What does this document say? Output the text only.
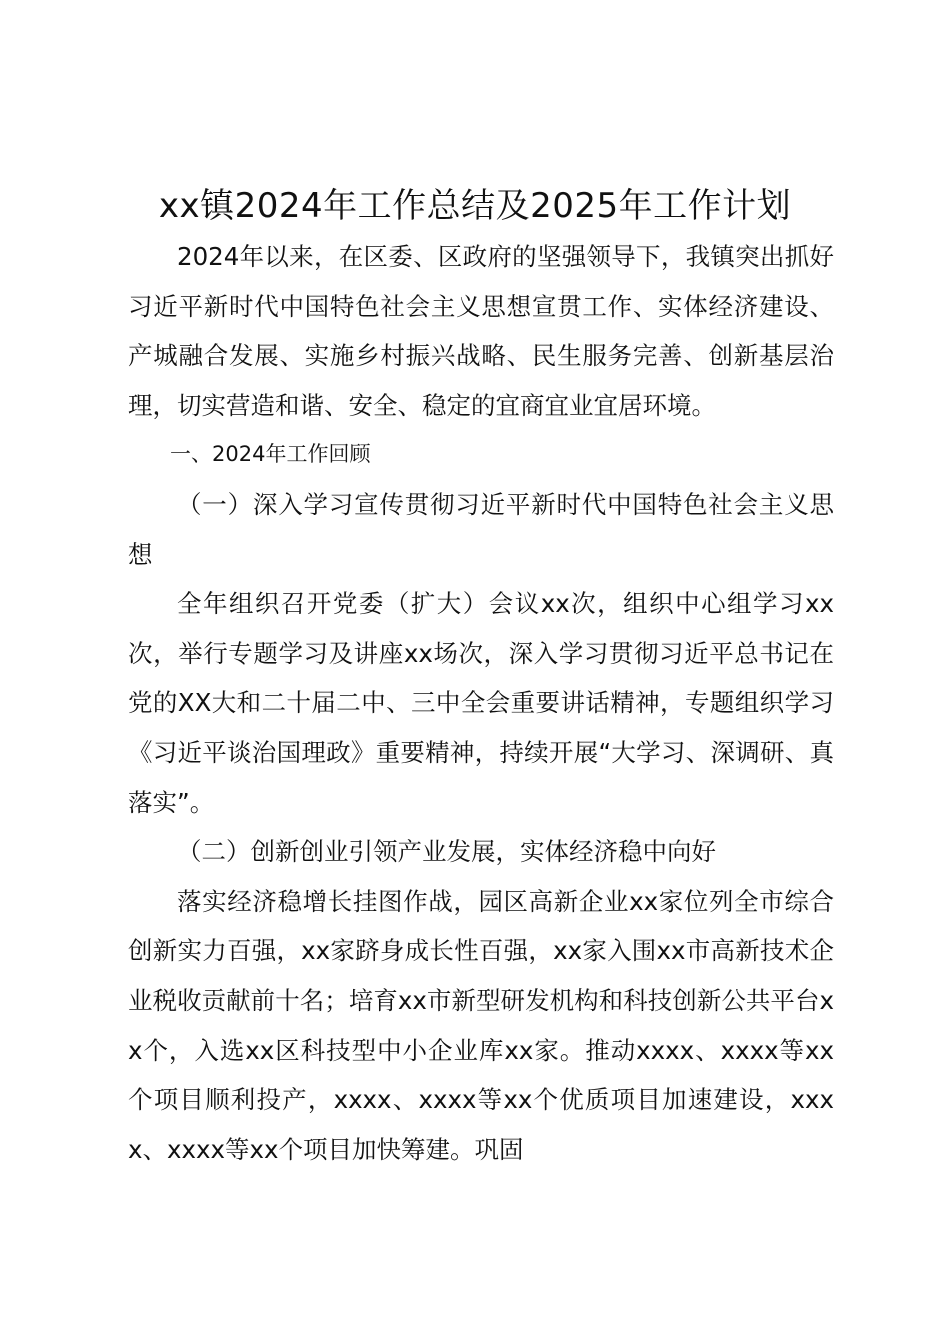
xx镇2024年工作总结及2025年工作计划

2024年以来，在区委、区政府的坚强领导下，我镇突出抓好习近平新时代中国特色社会主义思想宣贯工作、实体经济建设、产城融合发展、实施乡村振兴战略、民生服务完善、创新基层治理，切实营造和谐、安全、稳定的宜商宜业宜居环境。

一、2024年工作回顾

（一）深入学习宣传贯彻习近平新时代中国特色社会主义思想

全年组织召开党委（扩大）会议xx次，组织中心组学习xx次，举行专题学习及讲座xx场次，深入学习贯彻习近平总书记在党的XX大和二十届二中、三中全会重要讲话精神，专题组织学习《习近平谈治国理政》重要精神，持续开展“大学习、深调研、真落实”。

（二）创新创业引领产业发展，实体经济稳中向好

落实经济稳增长挂图作战，园区高新企业xx家位列全市综合创新实力百强，xx家跻身成长性百强，xx家入围xx市高新技术企业税收贡献前十名；培育xx市新型研发机构和科技创新公共平台xx个，入选xx区科技型中小企业库xx家。推动xxxx、xxxx等xx个项目顺利投产，xxxx、xxxx等xx个优质项目加速建设，xxxx、xxxx等xx个项目加快筹建。巩固
